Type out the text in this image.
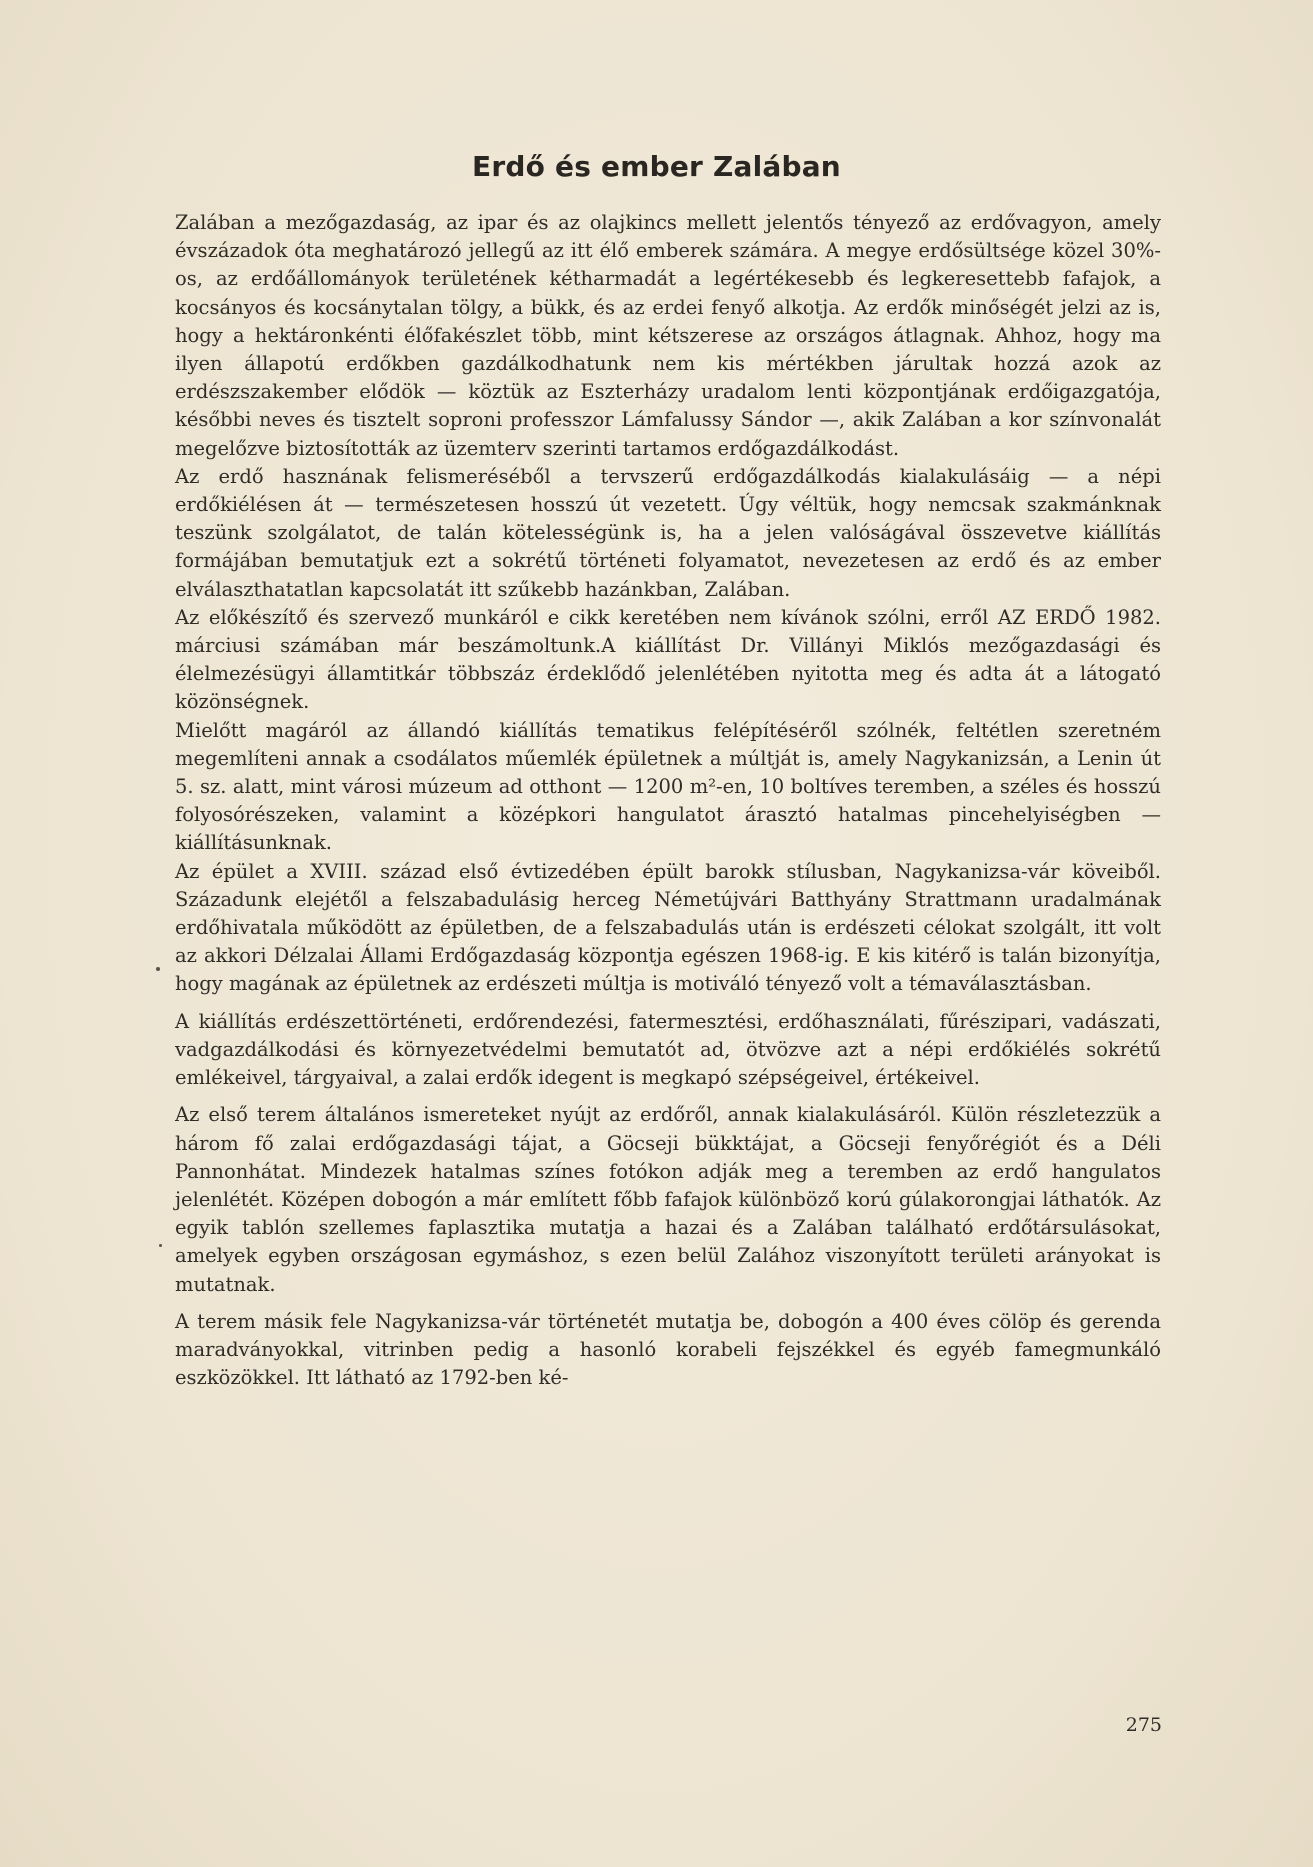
Erdő és ember Zalában

Zalában a mezőgazdaság, az ipar és az olajkincs mellett jelentős tényező az erdővagyon, amely évszázadok óta meghatározó jellegű az itt élő emberek számára. A megye erdősültsége közel 30%-os, az erdőállományok területének kétharmadát a legértékesebb és legkeresettebb fafajok, a kocsányos és kocsánytalan tölgy, a bükk, és az erdei fenyő alkotja. Az erdők minőségét jelzi az is, hogy a hektáronkénti élőfakészlet több, mint kétszerese az országos átlagnak. Ahhoz, hogy ma ilyen állapotú erdőkben gazdálkodhatunk nem kis mértékben járultak hozzá azok az erdészszakember elődök — köztük az Eszterházy uradalom lenti központjának erdőigazgatója, későbbi neves és tisztelt soproni professzor Lámfalussy Sándor —, akik Zalában a kor színvonalát megelőzve biztosították az üzemterv szerinti tartamos erdőgazdálkodást.

Az erdő hasznának felismeréséből a tervszerű erdőgazdálkodás kialakulásáig — a népi erdőkiélésen át — természetesen hosszú út vezetett. Úgy véltük, hogy nemcsak szakmánknak teszünk szolgálatot, de talán kötelességünk is, ha a jelen valóságával összevetve kiállítás formájában bemutatjuk ezt a sokrétű történeti folyamatot, nevezetesen az erdő és az ember elválaszthatatlan kapcsolatát itt szűkebb hazánkban, Zalában.

Az előkészítő és szervező munkáról e cikk keretében nem kívánok szólni, erről AZ ERDŐ 1982. márciusi számában már beszámoltunk.A kiállítást Dr. Villányi Miklós mezőgazdasági és élelmezésügyi államtitkár többszáz érdeklődő jelenlétében nyitotta meg és adta át a látogató közönségnek.

Mielőtt magáról az állandó kiállítás tematikus felépítéséről szólnék, feltétlen szeretném megemlíteni annak a csodálatos műemlék épületnek a múltját is, amely Nagykanizsán, a Lenin út 5. sz. alatt, mint városi múzeum ad otthont — 1200 m²-en, 10 boltíves teremben, a széles és hosszú folyosórészeken, valamint a középkori hangulatot árasztó hatalmas pincehelyiségben — kiállításunknak.

Az épület a XVIII. század első évtizedében épült barokk stílusban, Nagykanizsa-vár köveiből. Századunk elejétől a felszabadulásig herceg Németújvári Batthyány Strattmann uradalmának erdőhivatala működött az épületben, de a felszabadulás után is erdészeti célokat szolgált, itt volt az akkori Délzalai Állami Erdőgazdaság központja egészen 1968-ig. E kis kitérő is talán bizonyítja, hogy magának az épületnek az erdészeti múltja is motiváló tényező volt a témaválasztásban.

A kiállítás erdészettörténeti, erdőrendezési, fatermesztési, erdőhasználati, fűrészipari, vadászati, vadgazdálkodási és környezetvédelmi bemutatót ad, ötvözve azt a népi erdőkiélés sokrétű emlékeivel, tárgyaival, a zalai erdők idegent is megkapó szépségeivel, értékeivel.

Az első terem általános ismereteket nyújt az erdőről, annak kialakulásáról. Külön részletezzük a három fő zalai erdőgazdasági tájat, a Göcseji bükktájat, a Göcseji fenyőrégiót és a Déli Pannonhátat. Mindezek hatalmas színes fotókon adják meg a teremben az erdő hangulatos jelenlétét. Középen dobogón a már említett főbb fafajok különböző korú gúlakorongjai láthatók. Az egyik tablón szellemes faplasztika mutatja a hazai és a Zalában található erdőtársulásokat, amelyek egyben országosan egymáshoz, s ezen belül Zalához viszonyított területi arányokat is mutatnak.

A terem másik fele Nagykanizsa-vár történetét mutatja be, dobogón a 400 éves cölöp és gerenda maradványokkal, vitrinben pedig a hasonló korabeli fejszékkel és egyéb famegmunkáló eszközökkel. Itt látható az 1792-ben ké-

275
